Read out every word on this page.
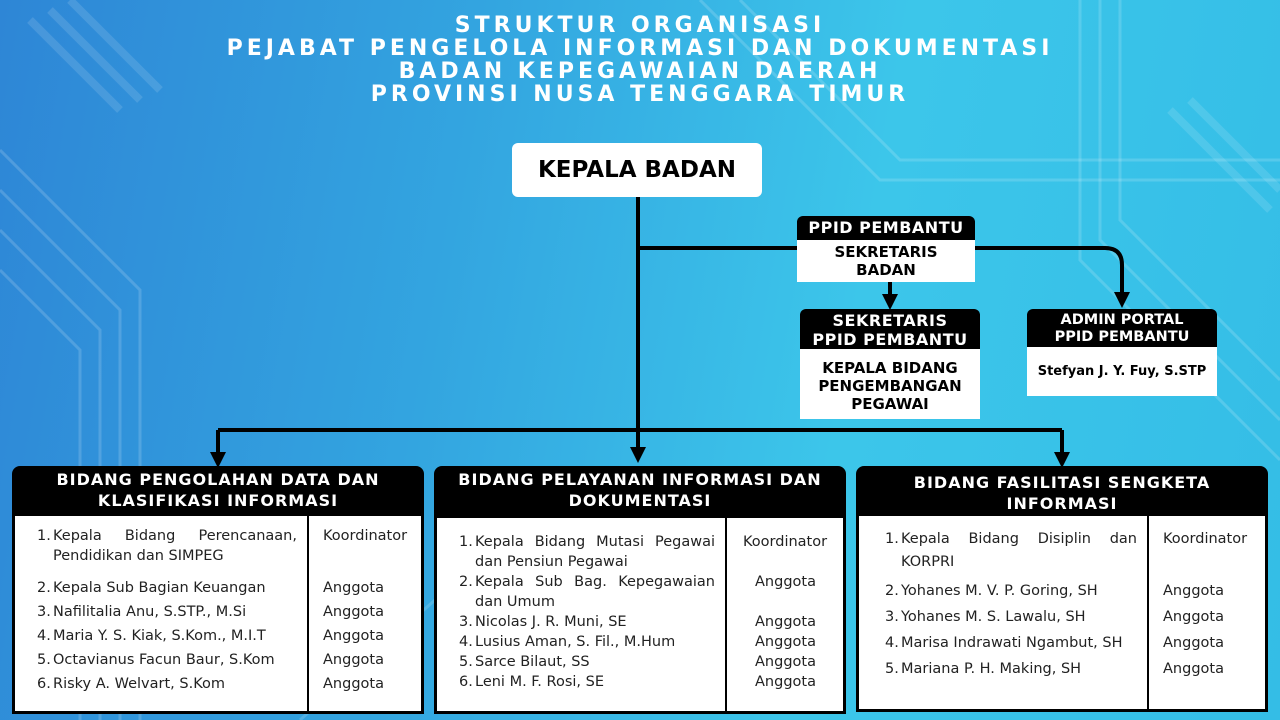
STRUKTUR ORGANISASI
PEJABAT PENGELOLA INFORMASI DAN DOKUMENTASI
BADAN KEPEGAWAIAN DAERAH
PROVINSI NUSA TENGGARA TIMUR
KEPALA BADAN
PPID PEMBANTU
SEKRETARIS
BADAN
SEKRETARIS
PPID PEMBANTU
KEPALA BIDANG
PENGEMBANGAN
PEGAWAI
ADMIN PORTAL
PPID PEMBANTU
Stefyan J. Y. Fuy, S.STP
BIDANG PENGOLAHAN DATA DAN
KLASIFIKASI INFORMASI
1. Kepala Bidang Perencanaan, Pendidikan dan SIMPEG
2. Kepala Sub Bagian Keuangan
3. Nafilitalia Anu, S.STP., M.Si
4. Maria Y. S. Kiak, S.Kom., M.I.T
5. Octavianus Facun Baur, S.Kom
6. Risky A. Welvart, S.Kom
Koordinator
Anggota
Anggota
Anggota
Anggota
Anggota
BIDANG PELAYANAN INFORMASI DAN
DOKUMENTASI
1. Kepala Bidang Mutasi Pegawai dan Pensiun Pegawai
2. Kepala Sub Bag. Kepegawaian dan Umum
3. Nicolas J. R. Muni, SE
4. Lusius Aman, S. Fil., M.Hum
5. Sarce Bilaut, SS
6. Leni M. F. Rosi, SE
Koordinator
Anggota
Anggota
Anggota
Anggota
Anggota
BIDANG FASILITASI SENGKETA
INFORMASI
1. Kepala Bidang Disiplin dan KORPRI
2. Yohanes M. V. P. Goring, SH
3. Yohanes M. S. Lawalu, SH
4. Marisa Indrawati Ngambut, SH
5. Mariana P. H. Making, SH
Koordinator
Anggota
Anggota
Anggota
Anggota
